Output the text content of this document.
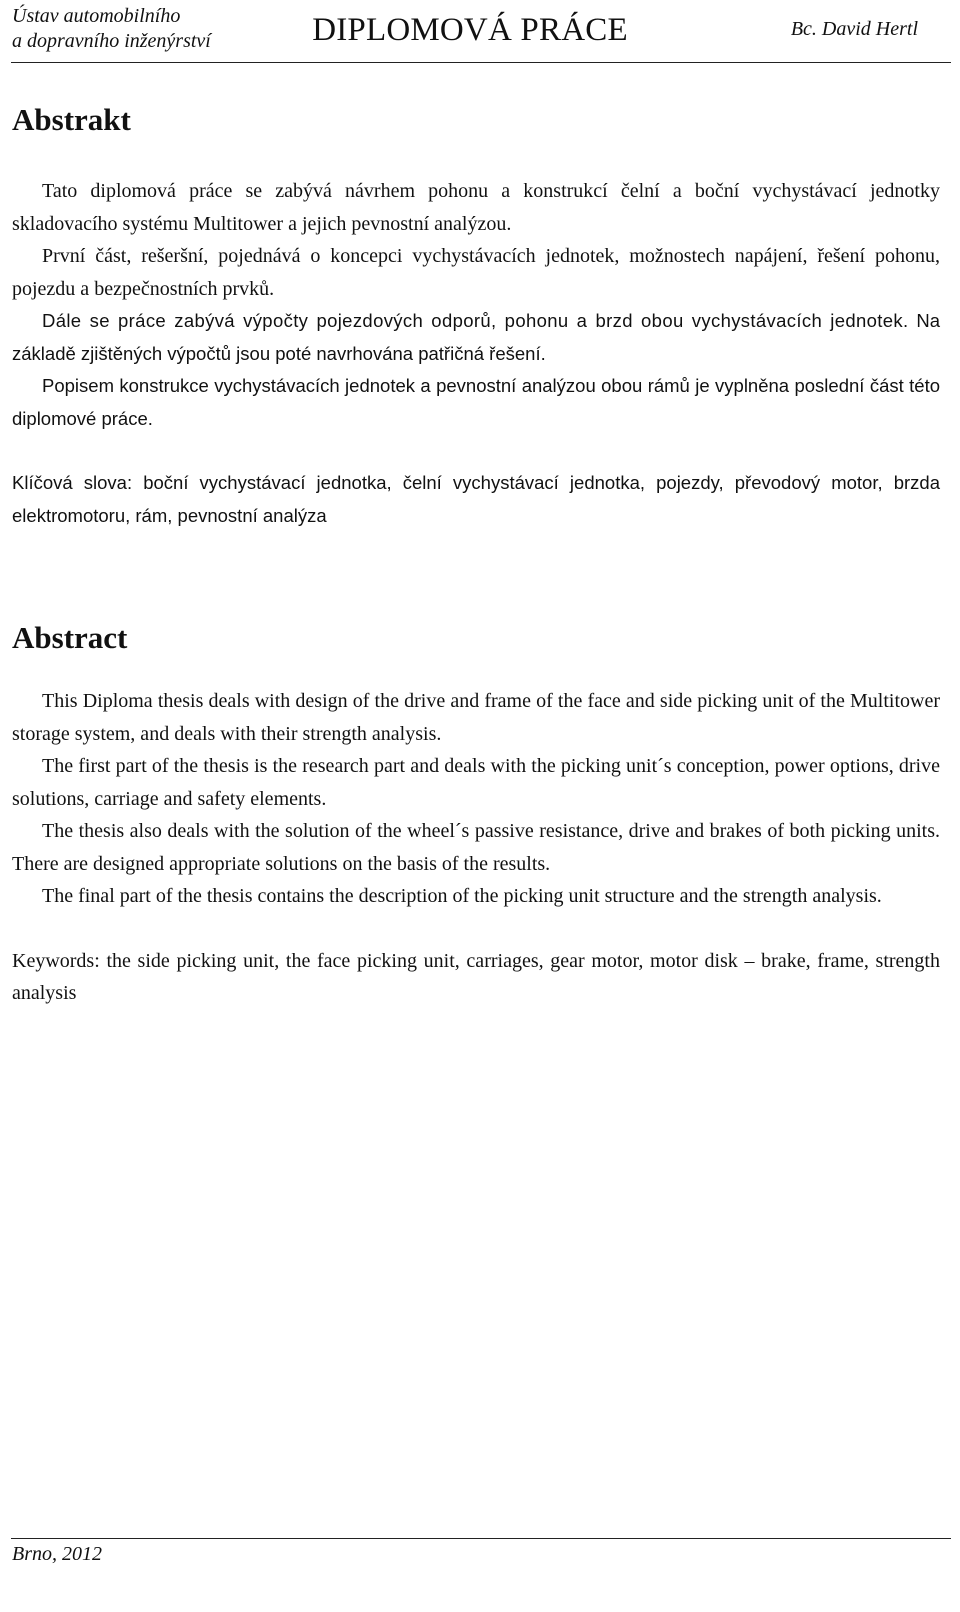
Ústav automobilního
a dopravního inženýrství	DIPLOMOVÁ PRÁCE	Bc. David Hertl
Abstrakt

Tato diplomová práce se zabývá návrhem pohonu a konstrukcí čelní a boční vychystávací jednotky skladovacího systému Multitower a jejich pevnostní analýzou.

První část, rešeršní, pojednává o koncepci vychystávacích jednotek, možnostech napájení, řešení pohonu, pojezdu a bezpečnostních prvků.

Dále se práce zabývá výpočty pojezdových odporů, pohonu a brzd obou vychystávacích jednotek. Na základě zjištěných výpočtů jsou poté navrhována patřičná řešení.

Popisem konstrukce vychystávacích jednotek a pevnostní analýzou obou rámů je vyplněna poslední část této diplomové práce.

Klíčová slova: boční vychystávací jednotka, čelní vychystávací jednotka, pojezdy, převodový motor, brzda elektromotoru, rám, pevnostní analýza

Abstract

This Diploma thesis deals with design of the drive and frame of the face and side picking unit of the Multitower storage system, and deals with their strength analysis.

The first part of the thesis is the research part and deals with the picking unit´s conception, power options, drive solutions, carriage and safety elements.

The thesis also deals with the solution of the wheel´s passive resistance, drive and brakes of both picking units. There are designed appropriate solutions on the basis of the results.

The final part of the thesis contains the description of the picking unit structure and the strength analysis.

Keywords: the side picking unit, the face picking unit, carriages, gear motor, motor disk – brake, frame, strength analysis

Brno, 2012
